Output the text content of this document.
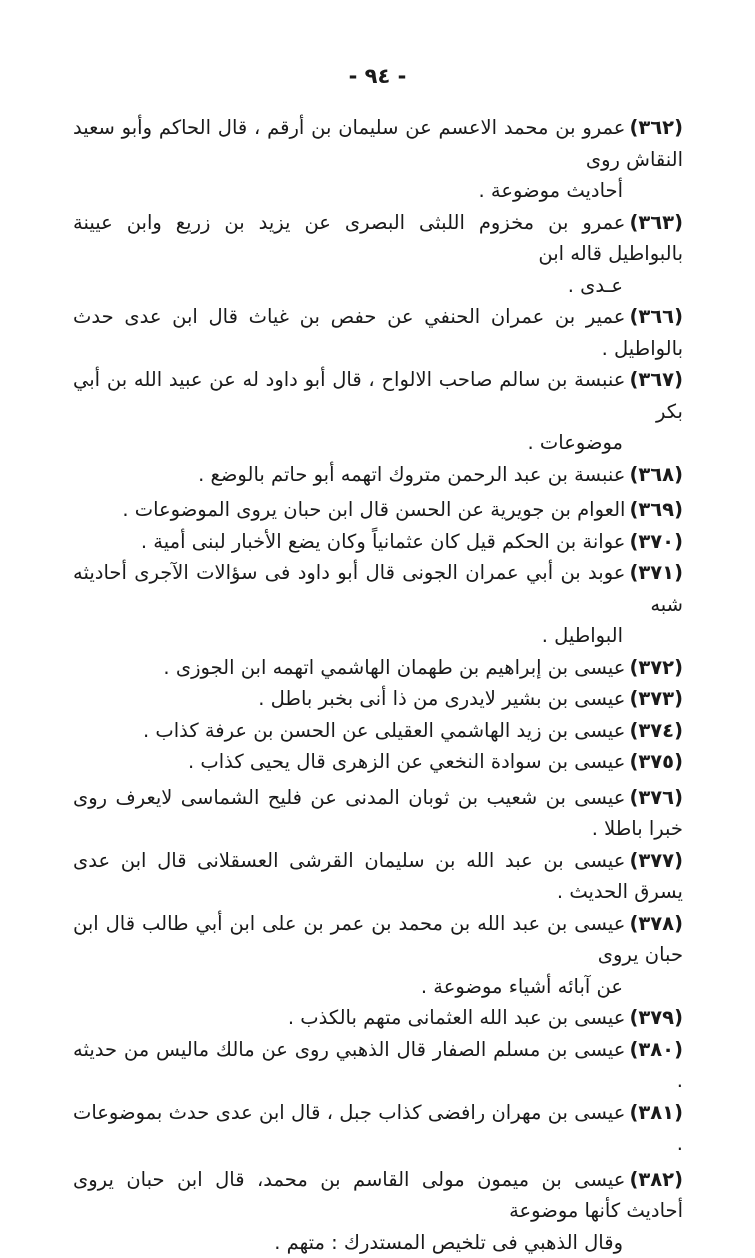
- ٩٤ -
(٣٦٢)عمرو بن محمد الاعسم عن سليمان بن أرقم ، قال الحاكم وأبو سعيد النقاش روى
أحاديث موضوعة .
(٣٦٣)عمرو بن مخزوم اللبثى البصرى عن يزيد بن زريع وابن عيينة بالبواطيل قاله ابن
عـدى .
(٣٦٦)عمير بن عمران الحنفي عن حفص بن غياث قال ابن عدى حدث بالواطيل .
(٣٦٧)عنبسة بن سالم صاحب الالواح ، قال أبو داود له عن عبيد الله بن أبي بكر
موضوعات .
(٣٦٨)عنبسة بن عبد الرحمن متروك اتهمه أبو حاتم بالوضع .
(٣٦٩)العوام بن جويرية عن الحسن قال ابن حبان يروى الموضوعات .
(٣٧٠)عوانة بن الحكم قيل كان عثمانياً وكان يضع الأخبار لبنى أمية .
(٣٧١)عوبد بن أبي عمران الجونى قال أبو داود فى سؤالات الآجرى أحاديثه شبه
البواطيل .
(٣٧٢)عيسى بن إبراهيم بن طهمان الهاشمي اتهمه ابن الجوزى .
(٣٧٣)عيسى بن بشير لايدرى من ذا أنى بخبر باطل .
(٣٧٤)عيسى بن زيد الهاشمي العقيلى عن الحسن بن عرفة كذاب .
(٣٧٥)عيسى بن سوادة النخعي عن الزهرى قال يحيى كذاب .
(٣٧٦)عيسى بن شعيب بن ثوبان المدنى عن فليح الشماسى لايعرف روى خبرا باطلا .
(٣٧٧)عيسى بن عبد الله بن سليمان القرشى العسقلانى قال ابن عدى يسرق الحديث .
(٣٧٨)عيسى بن عبد الله بن محمد بن عمر بن على ابن أبي طالب قال ابن حبان يروى
عن آبائه أشياء موضوعة .
(٣٧٩)عيسى بن عبد الله العثمانى متهم بالكذب .
(٣٨٠)عيسى بن مسلم الصفار قال الذهبي روى عن مالك ماليس من حديثه .
(٣٨١)عيسى بن مهران رافضى كذاب جبل ، قال ابن عدى حدث بموضوعات .
(٣٨٢)عيسى بن ميمون مولى القاسم بن محمد، قال ابن حبان يروى أحاديث كأنها موضوعة
وقال الذهبي فى تلخيص المستدرك : متهم .
